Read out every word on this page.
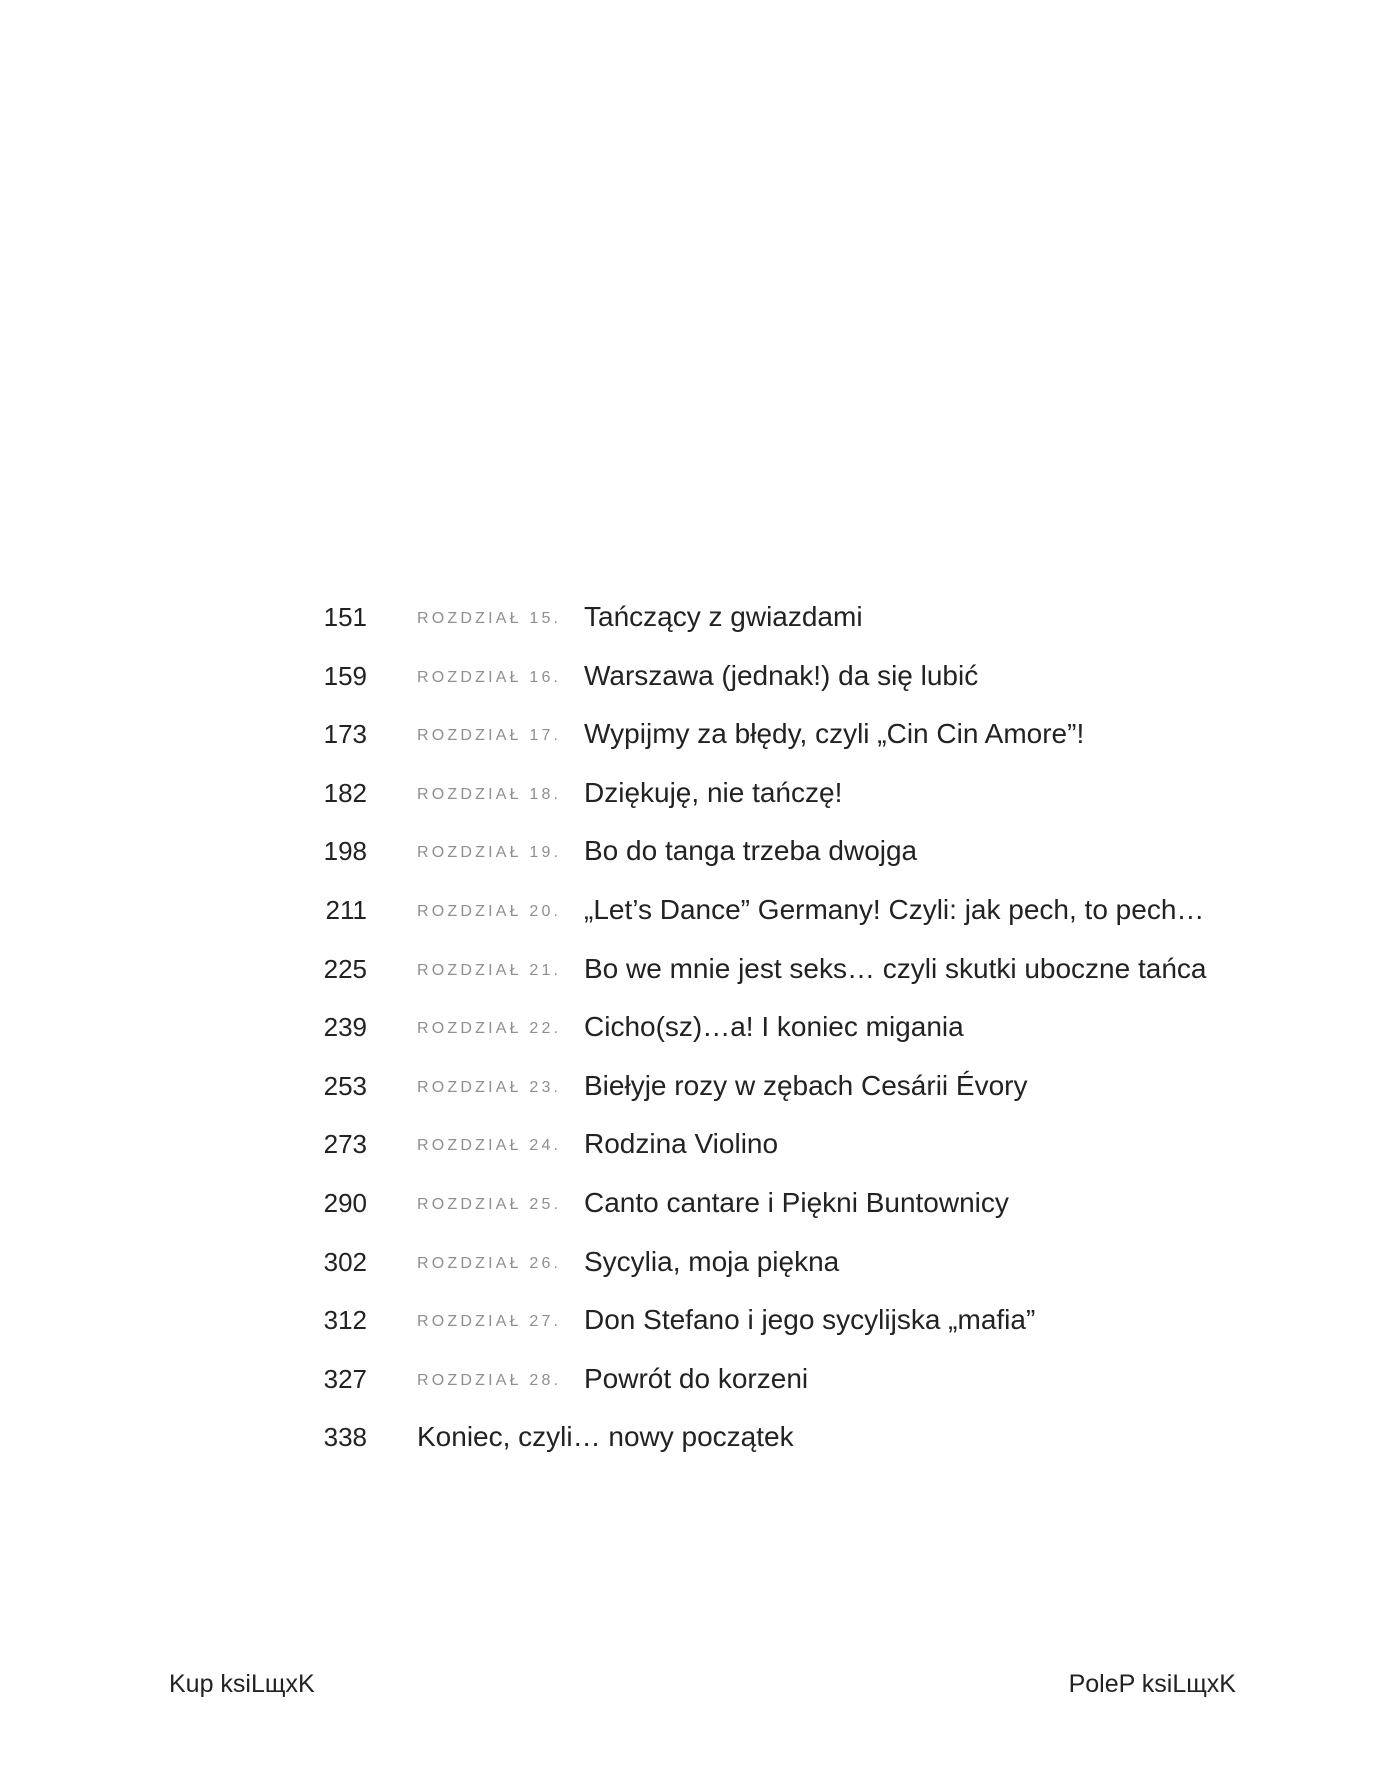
151	ROZDZIAŁ 15. Tańczący z gwiazdami
159	ROZDZIAŁ 16. Warszawa (jednak!) da się lubić
173	ROZDZIAŁ 17. Wypijmy za błędy, czyli „Cin Cin Amore”!
182	ROZDZIAŁ 18. Dziękuję, nie tańczę!
198	ROZDZIAŁ 19. Bo do tanga trzeba dwojga
211	ROZDZIAŁ 20. „Let’s Dance” Germany! Czyli: jak pech, to pech…
225	ROZDZIAŁ 21. Bo we mnie jest seks… czyli skutki uboczne tańca
239	ROZDZIAŁ 22. Cicho(sz)…a! I koniec migania
253	ROZDZIAŁ 23. Biełyje rozy w zębach Cesárii Évory
273	ROZDZIAŁ 24. Rodzina Violino
290	ROZDZIAŁ 25. Canto cantare i Piękni Buntownicy
302	ROZDZIAŁ 26. Sycylia, moja piękna
312	ROZDZIAŁ 27. Don Stefano i jego sycylijska „mafia”
327	ROZDZIAŁ 28. Powrót do korzeni
338 Koniec, czyli… nowy początek
Kup ksiLщxK	PoleP ksiLщxK
